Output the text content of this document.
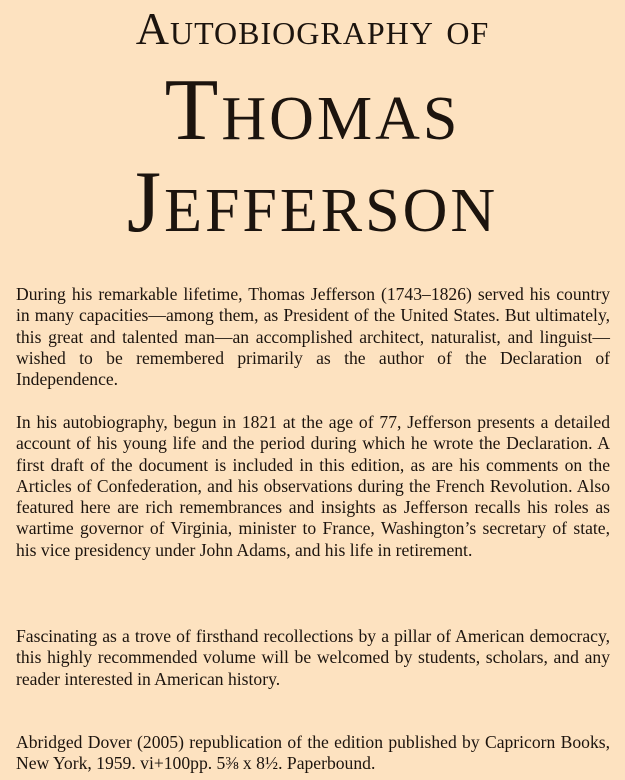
Autobiography of
Thomas
Jefferson

During his remarkable lifetime, Thomas Jefferson (1743–1826) served his country in many capacities—among them, as President of the United States. But ultimately, this great and talented man—an accomplished architect, naturalist, and linguist—wished to be remembered primarily as the author of the Declaration of Independence.

In his autobiography, begun in 1821 at the age of 77, Jefferson presents a detailed account of his young life and the period during which he wrote the Declaration. A first draft of the document is included in this edition, as are his comments on the Articles of Confederation, and his observations during the French Revolution. Also featured here are rich remembrances and insights as Jefferson recalls his roles as wartime governor of Virginia, minister to France, Washington’s secretary of state, his vice presidency under John Adams, and his life in retirement.

Fascinating as a trove of firsthand recollections by a pillar of American democracy, this highly recommended volume will be welcomed by students, scholars, and any reader interested in American history.

Abridged Dover (2005) republication of the edition published by Capricorn Books, New York, 1959. vi+100pp. 5⅜ x 8½. Paperbound.
